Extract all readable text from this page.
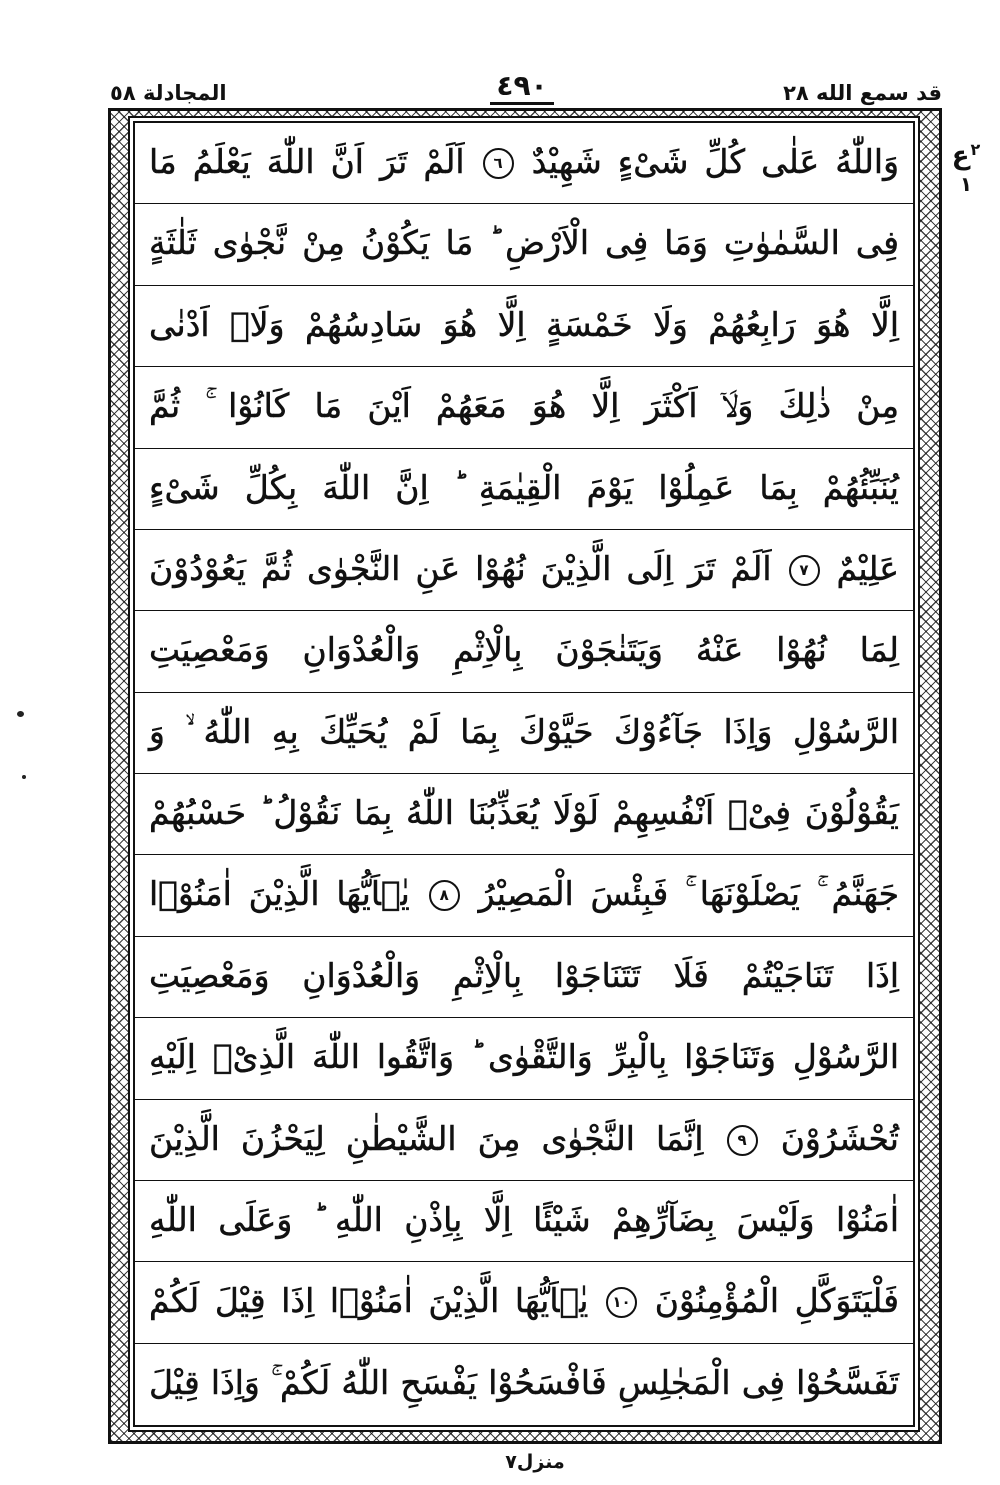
قد سمع الله ٢٨
٤٩٠
المجادلة ٥٨
ع ٢
١
وَاللّٰهُ عَلٰى كُلِّ شَىْءٍ شَهِيْدٌ ٦ اَلَمْ تَرَ اَنَّ اللّٰهَ يَعْلَمُ مَا
فِى السَّمٰوٰتِ وَمَا فِى الْاَرْضِ ؕ مَا يَكُوْنُ مِنْ نَّجْوٰى ثَلٰثَةٍ
اِلَّا هُوَ رَابِعُهُمْ وَلَا خَمْسَةٍ اِلَّا هُوَ سَادِسُهُمْ وَلَاۤ اَدْنٰى
مِنْ ذٰلِكَ وَلَاۤ اَكْثَرَ اِلَّا هُوَ مَعَهُمْ اَيْنَ مَا كَانُوْا ۚ ثُمَّ
يُنَبِّئُهُمْ بِمَا عَمِلُوْا يَوْمَ الْقِيٰمَةِ ؕ اِنَّ اللّٰهَ بِكُلِّ شَىْءٍ
عَلِيْمٌ ٧ اَلَمْ تَرَ اِلَى الَّذِيْنَ نُهُوْا عَنِ النَّجْوٰى ثُمَّ يَعُوْدُوْنَ
لِمَا نُهُوْا عَنْهُ وَيَتَنٰجَوْنَ بِالْاِثْمِ وَالْعُدْوَانِ وَمَعْصِيَتِ
الرَّسُوْلِ وَاِذَا جَآءُوْكَ حَيَّوْكَ بِمَا لَمْ يُحَيِّكَ بِهِ اللّٰهُ ۙ وَ
يَقُوْلُوْنَ فِىْۤ اَنْفُسِهِمْ لَوْلَا يُعَذِّبُنَا اللّٰهُ بِمَا نَقُوْلُ ؕ حَسْبُهُمْ
جَهَنَّمُ ۚ يَصْلَوْنَهَا ۚ فَبِئْسَ الْمَصِيْرُ ٨ يٰۤاَيُّهَا الَّذِيْنَ اٰمَنُوْۤا
اِذَا تَنَاجَيْتُمْ فَلَا تَتَنَاجَوْا بِالْاِثْمِ وَالْعُدْوَانِ وَمَعْصِيَتِ
الرَّسُوْلِ وَتَنَاجَوْا بِالْبِرِّ وَالتَّقْوٰى ؕ وَاتَّقُوا اللّٰهَ الَّذِىْۤ اِلَيْهِ
تُحْشَرُوْنَ ٩ اِنَّمَا النَّجْوٰى مِنَ الشَّيْطٰنِ لِيَحْزُنَ الَّذِيْنَ
اٰمَنُوْا وَلَيْسَ بِضَآرِّهِمْ شَيْئًا اِلَّا بِاِذْنِ اللّٰهِ ؕ وَعَلَى اللّٰهِ
فَلْيَتَوَكَّلِ الْمُؤْمِنُوْنَ ١٠ يٰۤاَيُّهَا الَّذِيْنَ اٰمَنُوْۤا اِذَا قِيْلَ لَكُمْ
تَفَسَّحُوْا فِى الْمَجٰلِسِ فَافْسَحُوْا يَفْسَحِ اللّٰهُ لَكُمْ ۚ وَاِذَا قِيْلَ
منزل٧
